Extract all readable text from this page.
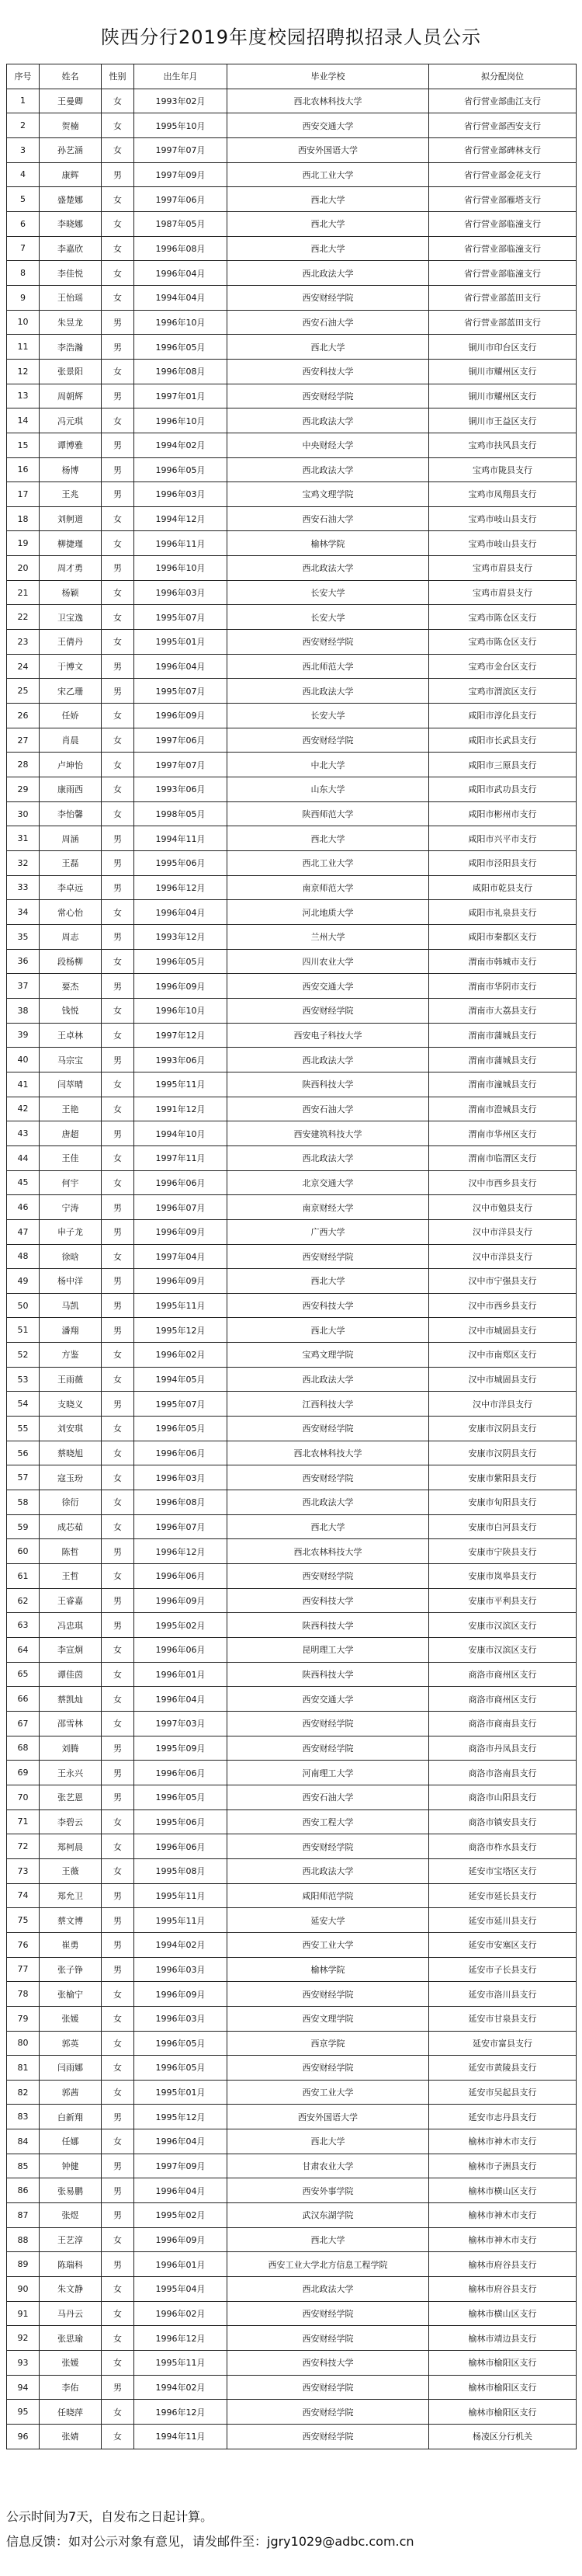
陕西分行2019年度校园招聘拟招录人员公示
序号	姓名	性别	出生年月	毕业学校	拟分配岗位
1	王曼卿	女	1993年02月	西北农林科技大学	省行营业部曲江支行
2	贺楠	女	1995年10月	西安交通大学	省行营业部西安支行
3	孙艺涵	女	1997年07月	西安外国语大学	省行营业部碑林支行
4	康辉	男	1997年09月	西北工业大学	省行营业部金花支行
5	盛楚娜	女	1997年06月	西北大学	省行营业部雁塔支行
6	李晓娜	女	1987年05月	西北大学	省行营业部临潼支行
7	李嘉欣	女	1996年08月	西北大学	省行营业部临潼支行
8	李佳悦	女	1996年04月	西北政法大学	省行营业部临潼支行
9	王怡瑶	女	1994年04月	西安财经学院	省行营业部蓝田支行
10	朱昱龙	男	1996年10月	西安石油大学	省行营业部蓝田支行
11	李浩瀚	男	1996年05月	西北大学	铜川市印台区支行
12	张景阳	女	1996年08月	西安科技大学	铜川市耀州区支行
13	周朝辉	男	1997年01月	西安财经学院	铜川市耀州区支行
14	冯元琪	女	1996年10月	西北政法大学	铜川市王益区支行
15	谭博雅	男	1994年02月	中央财经大学	宝鸡市扶风县支行
16	杨博	男	1996年05月	西北政法大学	宝鸡市陇县支行
17	王兆	男	1996年03月	宝鸡文理学院	宝鸡市凤翔县支行
18	刘舸道	女	1994年12月	西安石油大学	宝鸡市岐山县支行
19	柳捷瑾	女	1996年11月	榆林学院	宝鸡市岐山县支行
20	周才勇	男	1996年10月	西北政法大学	宝鸡市眉县支行
21	杨颖	女	1996年03月	长安大学	宝鸡市眉县支行
22	卫宝逸	女	1995年07月	长安大学	宝鸡市陈仓区支行
23	王倩丹	女	1995年01月	西安财经学院	宝鸡市陈仓区支行
24	于博文	男	1996年04月	西北师范大学	宝鸡市金台区支行
25	宋乙珊	男	1995年07月	西北政法大学	宝鸡市渭滨区支行
26	任娇	女	1996年09月	长安大学	咸阳市淳化县支行
27	肖晨	女	1997年06月	西安财经学院	咸阳市长武县支行
28	卢坤怡	女	1997年07月	中北大学	咸阳市三原县支行
29	康雨西	女	1993年06月	山东大学	咸阳市武功县支行
30	李怡馨	女	1998年05月	陕西师范大学	咸阳市彬州市支行
31	周涵	男	1994年11月	西北大学	咸阳市兴平市支行
32	王磊	男	1995年06月	西北工业大学	咸阳市泾阳县支行
33	李卓远	男	1996年12月	南京师范大学	咸阳市乾县支行
34	常心怡	女	1996年04月	河北地质大学	咸阳市礼泉县支行
35	周志	男	1993年12月	兰州大学	咸阳市秦都区支行
36	段杨柳	女	1996年05月	四川农业大学	渭南市韩城市支行
37	要杰	男	1996年09月	西安交通大学	渭南市华阴市支行
38	钱悦	女	1996年10月	西安财经学院	渭南市大荔县支行
39	王卓林	女	1997年12月	西安电子科技大学	渭南市蒲城县支行
40	马宗宝	男	1993年06月	西北政法大学	渭南市蒲城县支行
41	闫萃晴	女	1995年11月	陕西科技大学	渭南市潼城县支行
42	王艳	女	1991年12月	西安石油大学	渭南市澄城县支行
43	唐超	男	1994年10月	西安建筑科技大学	渭南市华州区支行
44	王佳	女	1997年11月	西北政法大学	渭南市临渭区支行
45	何宇	女	1996年06月	北京交通大学	汉中市西乡县支行
46	宁涛	男	1996年07月	南京财经大学	汉中市勉县支行
47	申子龙	男	1996年09月	广西大学	汉中市洋县支行
48	徐晗	女	1997年04月	西安财经学院	汉中市洋县支行
49	杨中洋	男	1996年09月	西北大学	汉中市宁强县支行
50	马凯	男	1995年11月	西安科技大学	汉中市西乡县支行
51	潘翔	男	1995年12月	西北大学	汉中市城固县支行
52	方鉴	女	1996年02月	宝鸡文理学院	汉中市南郑区支行
53	王雨薇	女	1994年05月	西北政法大学	汉中市城固县支行
54	支晓义	男	1995年07月	江西科技大学	汉中市洋县支行
55	刘安琪	女	1996年05月	西安财经学院	安康市汉阴县支行
56	蔡晓旭	女	1996年06月	西北农林科技大学	安康市汉阴县支行
57	寇玉玢	女	1996年03月	西安财经学院	安康市紫阳县支行
58	徐衍	女	1996年08月	西北政法大学	安康市旬阳县支行
59	成芯茹	女	1996年07月	西北大学	安康市白河县支行
60	陈哲	男	1996年12月	西北农林科技大学	安康市宁陕县支行
61	王哲	女	1996年06月	西安财经学院	安康市岚皋县支行
62	王睿嘉	男	1996年09月	西安科技大学	安康市平利县支行
63	冯忠琪	男	1995年02月	陕西科技大学	安康市汉滨区支行
64	李宣炯	女	1996年06月	昆明理工大学	安康市汉滨区支行
65	谭佳茵	女	1996年01月	陕西科技大学	商洛市商州区支行
66	蔡凯灿	女	1996年04月	西安交通大学	商洛市商州区支行
67	邵雪林	女	1997年03月	西安财经学院	商洛市商南县支行
68	刘腾	男	1995年09月	西安财经学院	商洛市丹凤县支行
69	王永兴	男	1996年06月	河南理工大学	商洛市洛南县支行
70	张艺恩	男	1996年05月	西安石油大学	商洛市山阳县支行
71	李碧云	女	1995年06月	西安工程大学	商洛市镇安县支行
72	郑柯晨	女	1996年06月	西安财经学院	商洛市柞水县支行
73	王薇	女	1995年08月	西北政法大学	延安市宝塔区支行
74	郑允卫	男	1995年11月	咸阳师范学院	延安市延长县支行
75	蔡文博	男	1995年11月	延安大学	延安市延川县支行
76	崔勇	男	1994年02月	西安工业大学	延安市安塞区支行
77	张子铮	男	1996年03月	榆林学院	延安市子长县支行
78	张榆宁	女	1996年09月	西安财经学院	延安市洛川县支行
79	张媛	女	1996年03月	西安文理学院	延安市甘泉县支行
80	郭英	女	1996年05月	西京学院	延安市富县支行
81	闫雨娜	女	1996年05月	西安财经学院	延安市黄陵县支行
82	郭茜	女	1995年01月	西安工业大学	延安市吴起县支行
83	白新翔	男	1995年12月	西安外国语大学	延安市志丹县支行
84	任娜	女	1996年04月	西北大学	榆林市神木市支行
85	钟健	男	1997年09月	甘肃农业大学	榆林市子洲县支行
86	张易鹏	男	1996年04月	西安外事学院	榆林市横山区支行
87	张煜	男	1995年02月	武汉东湖学院	榆林市神木市支行
88	王艺淳	女	1996年09月	西北大学	榆林市神木市支行
89	陈瑞科	男	1996年01月	西安工业大学北方信息工程学院	榆林市府谷县支行
90	朱文静	女	1995年04月	西北政法大学	榆林市府谷县支行
91	马丹云	女	1996年02月	西安财经学院	榆林市横山区支行
92	张思瑜	女	1996年12月	西安财经学院	榆林市靖边县支行
93	张媛	女	1995年11月	西安科技大学	榆林市榆阳区支行
94	李佑	男	1994年02月	西安财经学院	榆林市榆阳区支行
95	任晓萍	女	1996年12月	西安财经学院	榆林市榆阳区支行
96	张婧	女	1994年11月	西安财经学院	杨凌区分行机关
公示时间为7天，自发布之日起计算。
信息反馈：如对公示对象有意见，请发邮件至：jgry1029@adbc.com.cn
